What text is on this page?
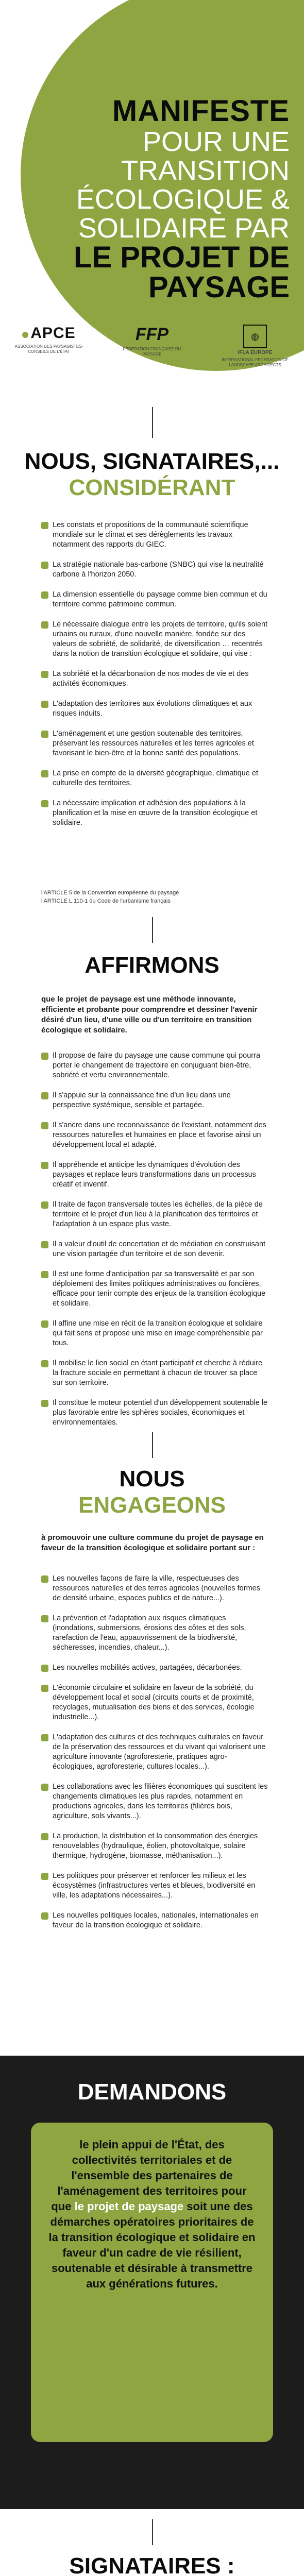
MANIFESTE
POUR UNE TRANSITION ÉCOLOGIQUE & SOLIDAIRE PAR
LE PROJET DE PAYSAGE
APCE
ASSOCIATION DES PAYSAGISTES-CONSEILS DE L'ÉTAT
FFP
FÉDÉRATION FRANÇAISE DU PAYSAGE
◍
IFLA EUROPE
INTERNATIONAL FEDERATION OF LANDSCAPE ARCHITECTS
NOUS, SIGNATAIRES,...
CONSIDÉRANT
Les constats et propositions de la communauté scientifique mondiale sur le climat et ses dérèglements les travaux notamment des rapports du GIEC.
La stratégie nationale bas-carbone (SNBC) qui vise la neutralité carbone à l'horizon 2050.
La dimension essentielle du paysage comme bien commun et du territoire comme patrimoine commun.
Le nécessaire dialogue entre les projets de territoire, qu'ils soient urbains ou ruraux, d'une nouvelle manière, fondée sur des valeurs de sobriété, de solidarité, de diversification … recentrés dans la notion de transition écologique et solidaire, qui vise :
La sobriété et la décarbonation de nos modes de vie et des activités économiques.
L'adaptation des territoires aux évolutions climatiques et aux risques induits.
L'aménagement et une gestion soutenable des territoires, préservant les ressources naturelles et les terres agricoles et favorisant le bien-être et la bonne santé des populations.
La prise en compte de la diversité géographique, climatique et culturelle des territoires.
La nécessaire implication et adhésion des populations à la planification et la mise en œuvre de la transition écologique et solidaire.
l'ARTICLE 5 de la Convention européenne du paysage
l'ARTICLE L.110-1 du Code de l'urbanisme français
AFFIRMONS
que le projet de paysage est une méthode innovante, efficiente et probante pour comprendre et dessiner l'avenir désiré d'un lieu, d'une ville ou d'un territoire en transition écologique et solidaire.
Il propose de faire du paysage une cause commune qui pourra porter le changement de trajectoire en conjuguant bien-être, sobriété et vertu environnementale.
Il s'appuie sur la connaissance fine d'un lieu dans une perspective systémique, sensible et partagée.
Il s'ancre dans une reconnaissance de l'existant, notamment des ressources naturelles et humaines en place et favorise ainsi un développement local et adapté.
Il appréhende et anticipe les dynamiques d'évolution des paysages et replace leurs transformations dans un processus créatif et inventif.
Il traite de façon transversale toutes les échelles, de la pièce de territoire et le projet d'un lieu à la planification des territoires et l'adaptation à un espace plus vaste.
Il a valeur d'outil de concertation et de médiation en construisant une vision partagée d'un territoire et de son devenir.
Il est une forme d'anticipation par sa transversalité et par son déploiement des limites politiques administratives ou foncières, efficace pour tenir compte des enjeux de la transition écologique et solidaire.
Il affine une mise en récit de la transition écologique et solidaire qui fait sens et propose une mise en image compréhensible par tous.
Il mobilise le lien social en étant participatif et cherche à réduire la fracture sociale en permettant à chacun de trouver sa place sur son territoire.
Il constitue le moteur potentiel d'un développement soutenable le plus favorable entre les sphères sociales, économiques et environnementales.
NOUS
ENGAGEONS
à promouvoir une culture commune du projet de paysage en faveur de la transition écologique et solidaire portant sur :
Les nouvelles façons de faire la ville, respectueuses des ressources naturelles et des terres agricoles (nouvelles formes de densité urbaine, espaces publics et de nature...).
La prévention et l'adaptation aux risques climatiques (inondations, submersions, érosions des côtes et des sols, rarefaction de l'eau, appauvrissement de la biodiversité, sécheresses, incendies, chaleur...).
Les nouvelles mobilités actives, partagées, décarbonées.
L'économie circulaire et solidaire en faveur de la sobriété, du développement local et social (circuits courts et de proximité, recyclages, mutualisation des biens et des services, écologie industrielle...).
L'adaptation des cultures et des techniques culturales en faveur de la préservation des ressources et du vivant qui valorisent une agriculture innovante (agroforesterie, pratiques agro-écologiques, agroforesterie, cultures locales...).
Les collaborations avec les filières économiques qui suscitent les changements climatiques les plus rapides, notamment en productions agricoles, dans les territoires (filières bois, agriculture, sols vivants...).
La production, la distribution et la consommation des énergies renouvelables (hydraulique, éolien, photovoltaïque, solaire thermique, hydrogène, biomasse, méthanisation...).
Les politiques pour préserver et renforcer les milieux et les écosystèmes (infrastructures vertes et bleues, biodiversité en ville, les adaptations nécessaires...).
Les nouvelles politiques locales, nationales, internationales en faveur de la transition écologique et solidaire.
DEMANDONS
le plein appui de l'État, des collectivités territoriales et de l'ensemble des partenaires de l'aménagement des territoires pour que le projet de paysage soit une des démarches opératoires prioritaires de la transition écologique et solidaire en faveur d'un cadre de vie résilient, soutenable et désirable à transmettre aux générations futures.
SIGNATAIRES :
